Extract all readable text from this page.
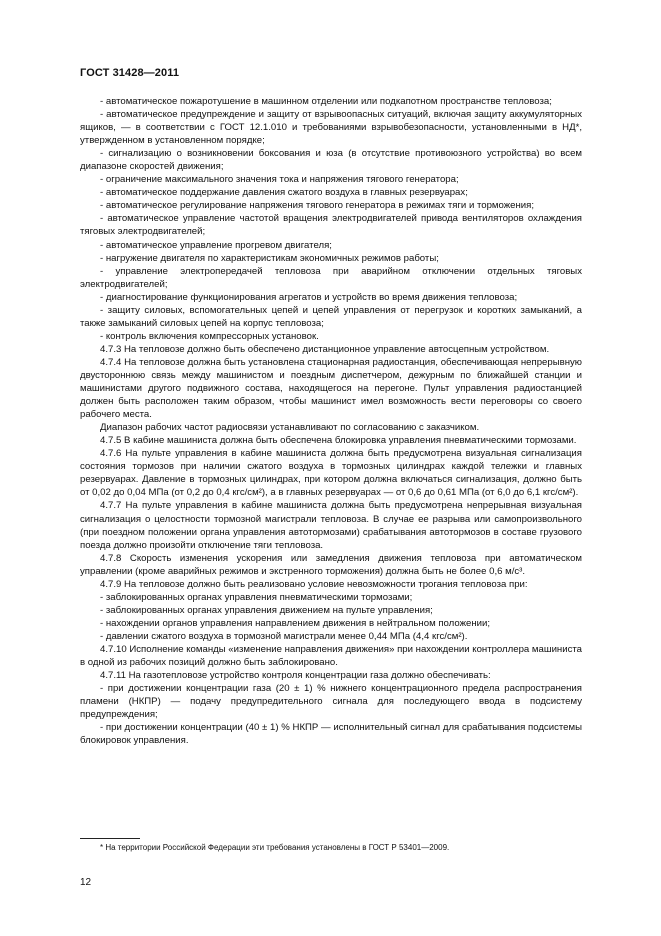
ГОСТ 31428—2011

- автоматическое пожаротушение в машинном отделении или подкапотном пространстве тепловоза;

- автоматическое предупреждение и защиту от взрывоопасных ситуаций, включая защиту аккумуляторных ящиков, — в соответствии с ГОСТ 12.1.010 и требованиями взрывобезопасности, установленными в НД*, утвержденном в установленном порядке;

- сигнализацию о возникновении боксования и юза (в отсутствие противоюзного устройства) во всем диапазоне скоростей движения;

- ограничение максимального значения тока и напряжения тягового генератора;

- автоматическое поддержание давления сжатого воздуха в главных резервуарах;

- автоматическое регулирование напряжения тягового генератора в режимах тяги и торможения;

- автоматическое управление частотой вращения электродвигателей привода вентиляторов охлаждения тяговых электродвигателей;

- автоматическое управление прогревом двигателя;

- нагружение двигателя по характеристикам экономичных режимов работы;

- управление электропередачей тепловоза при аварийном отключении отдельных тяговых электродвигателей;

- диагностирование функционирования агрегатов и устройств во время движения тепловоза;

- защиту силовых, вспомогательных цепей и цепей управления от перегрузок и коротких замыканий, а также замыканий силовых цепей на корпус тепловоза;

- контроль включения компрессорных установок.

4.7.3 На тепловозе должно быть обеспечено дистанционное управление автосцепным устройством.

4.7.4 На тепловозе должна быть установлена стационарная радиостанция, обеспечивающая непрерывную двустороннюю связь между машинистом и поездным диспетчером, дежурным по ближайшей станции и машинистами другого подвижного состава, находящегося на перегоне. Пульт управления радиостанцией должен быть расположен таким образом, чтобы машинист имел возможность вести переговоры со своего рабочего места.

Диапазон рабочих частот радиосвязи устанавливают по согласованию с заказчиком.

4.7.5 В кабине машиниста должна быть обеспечена блокировка управления пневматическими тормозами.

4.7.6 На пульте управления в кабине машиниста должна быть предусмотрена визуальная сигнализация состояния тормозов при наличии сжатого воздуха в тормозных цилиндрах каждой тележки и главных резервуарах. Давление в тормозных цилиндрах, при котором должна включаться сигнализация, должно быть от 0,02 до 0,04 МПа (от 0,2 до 0,4 кгс/см²), а в главных резервуарах — от 0,6 до 0,61 МПа (от 6,0 до 6,1 кгс/см²).

4.7.7 На пульте управления в кабине машиниста должна быть предусмотрена непрерывная визуальная сигнализация о целостности тормозной магистрали тепловоза. В случае ее разрыва или самопроизвольного (при поездном положении органа управления автотормозами) срабатывания автотормозов в составе грузового поезда должно произойти отключение тяги тепловоза.

4.7.8 Скорость изменения ускорения или замедления движения тепловоза при автоматическом управлении (кроме аварийных режимов и экстренного торможения) должна быть не более 0,6 м/с³.

4.7.9 На тепловозе должно быть реализовано условие невозможности трогания тепловоза при:

- заблокированных органах управления пневматическими тормозами;

- заблокированных органах управления движением на пульте управления;

- нахождении органов управления направлением движения в нейтральном положении;

- давлении сжатого воздуха в тормозной магистрали менее 0,44 МПа (4,4 кгс/см²).

4.7.10 Исполнение команды «изменение направления движения» при нахождении контроллера машиниста в одной из рабочих позиций должно быть заблокировано.

4.7.11 На газотепловозе устройство контроля концентрации газа должно обеспечивать:

- при достижении концентрации газа (20 ± 1) % нижнего концентрационного предела распространения пламени (НКПР) — подачу предупредительного сигнала для последующего ввода в подсистему предупреждения;

- при достижении концентрации (40 ± 1) % НКПР — исполнительный сигнал для срабатывания подсистемы блокировок управления.

* На территории Российской Федерации эти требования установлены в ГОСТ Р 53401—2009.
12
